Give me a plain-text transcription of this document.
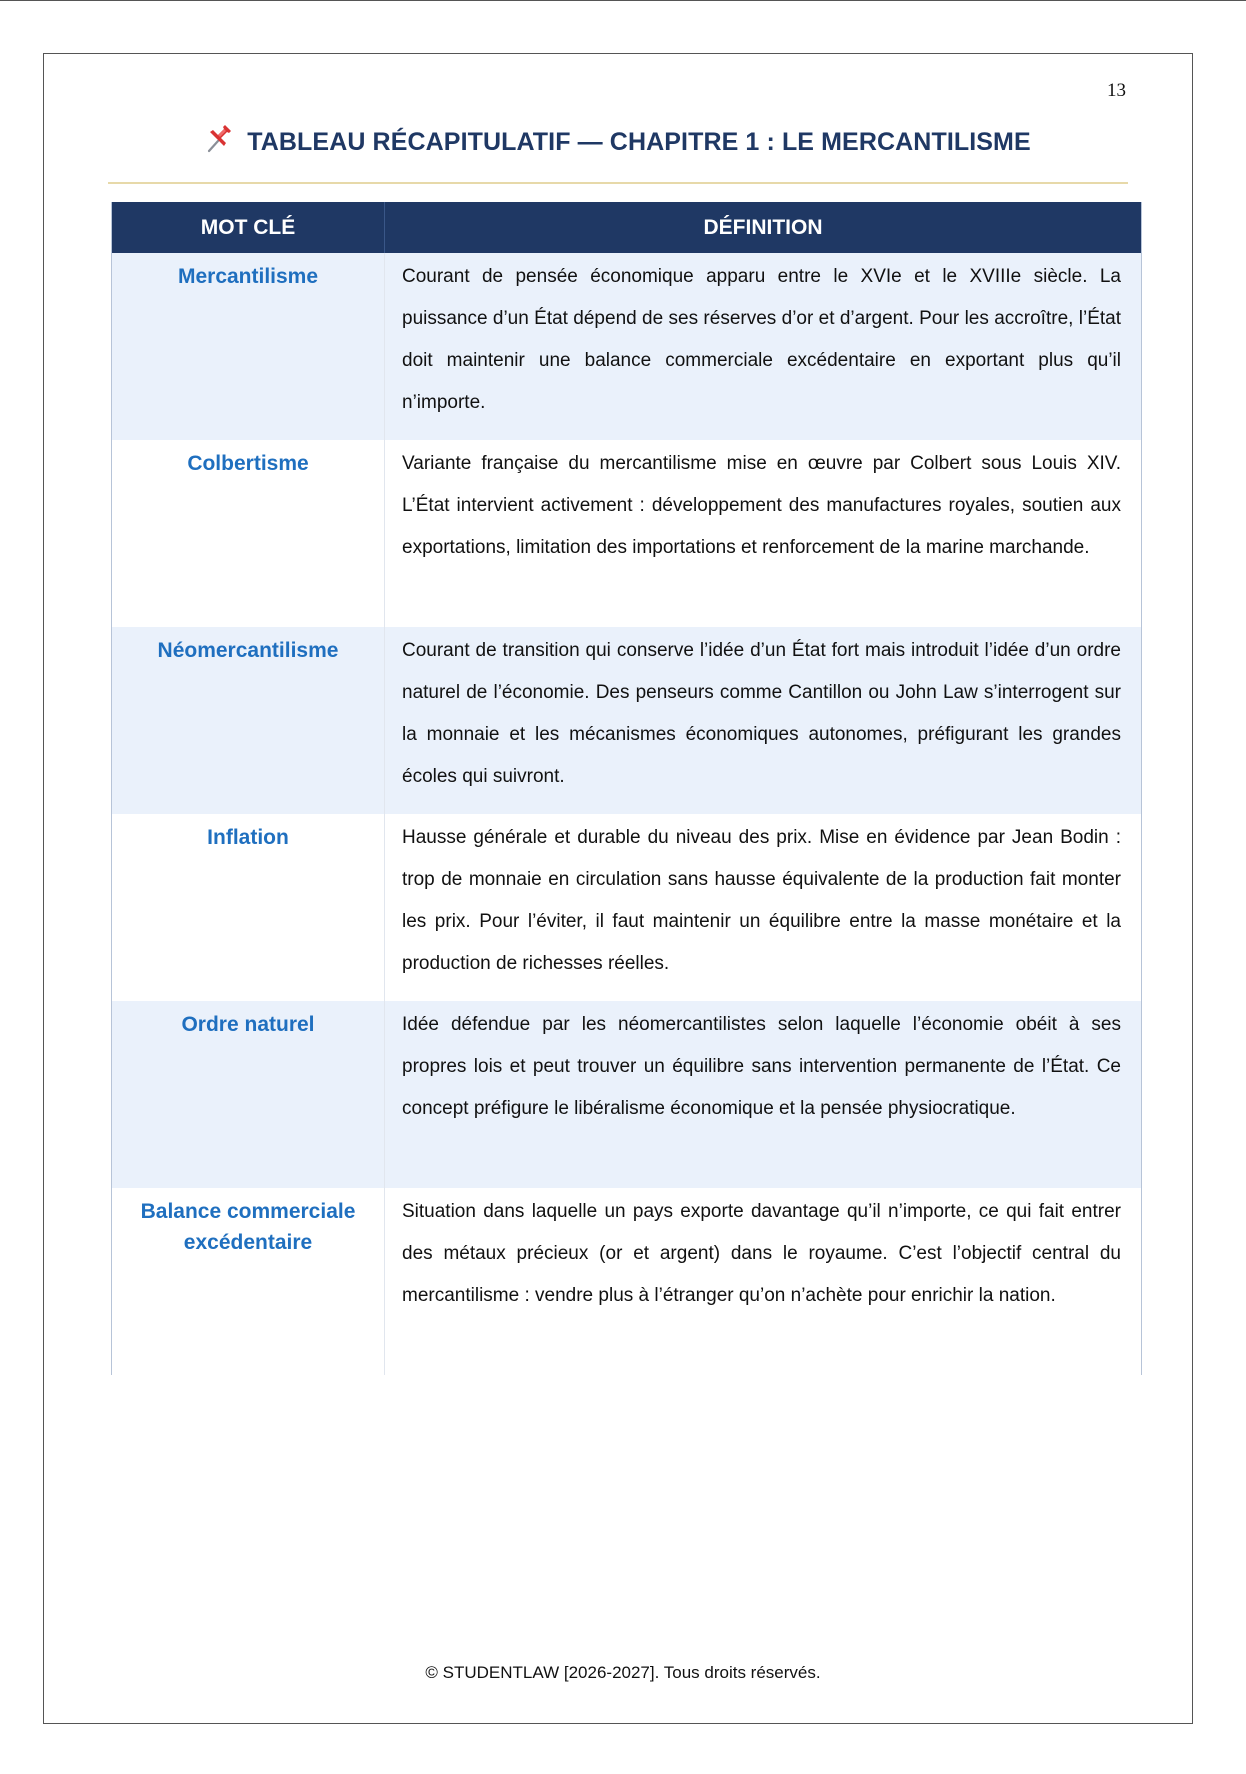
13
TABLEAU RÉCAPITULATIF — CHAPITRE 1 : LE MERCANTILISME
MOT CLÉ	DÉFINITION
Mercantilisme	Courant de pensée économique apparu entre le XVIe et le XVIIIe siècle. La puissance d’un État dépend de ses réserves d’or et d’argent. Pour les accroître, l’État doit maintenir une balance commerciale excédentaire en exportant plus qu’il n’importe.
Colbertisme	Variante française du mercantilisme mise en œuvre par Colbert sous Louis XIV. L’État intervient activement : développement des manufactures royales, soutien aux exportations, limitation des importations et renforcement de la marine marchande.
Néomercantilisme	Courant de transition qui conserve l’idée d’un État fort mais introduit l’idée d’un ordre naturel de l’économie. Des penseurs comme Cantillon ou John Law s’interrogent sur la monnaie et les mécanismes économiques autonomes, préfigurant les grandes écoles qui suivront.
Inflation	Hausse générale et durable du niveau des prix. Mise en évidence par Jean Bodin : trop de monnaie en circulation sans hausse équivalente de la production fait monter les prix. Pour l’éviter, il faut maintenir un équilibre entre la masse monétaire et la production de richesses réelles.
Ordre naturel	Idée défendue par les néomercantilistes selon laquelle l’économie obéit à ses propres lois et peut trouver un équilibre sans intervention permanente de l’État. Ce concept préfigure le libéralisme économique et la pensée physiocratique.
Balance commerciale excédentaire	Situation dans laquelle un pays exporte davantage qu’il n’importe, ce qui fait entrer des métaux précieux (or et argent) dans le royaume. C’est l’objectif central du mercantilisme : vendre plus à l’étranger qu’on n’achète pour enrichir la nation.
© STUDENTLAW [2026-2027]. Tous droits réservés.
